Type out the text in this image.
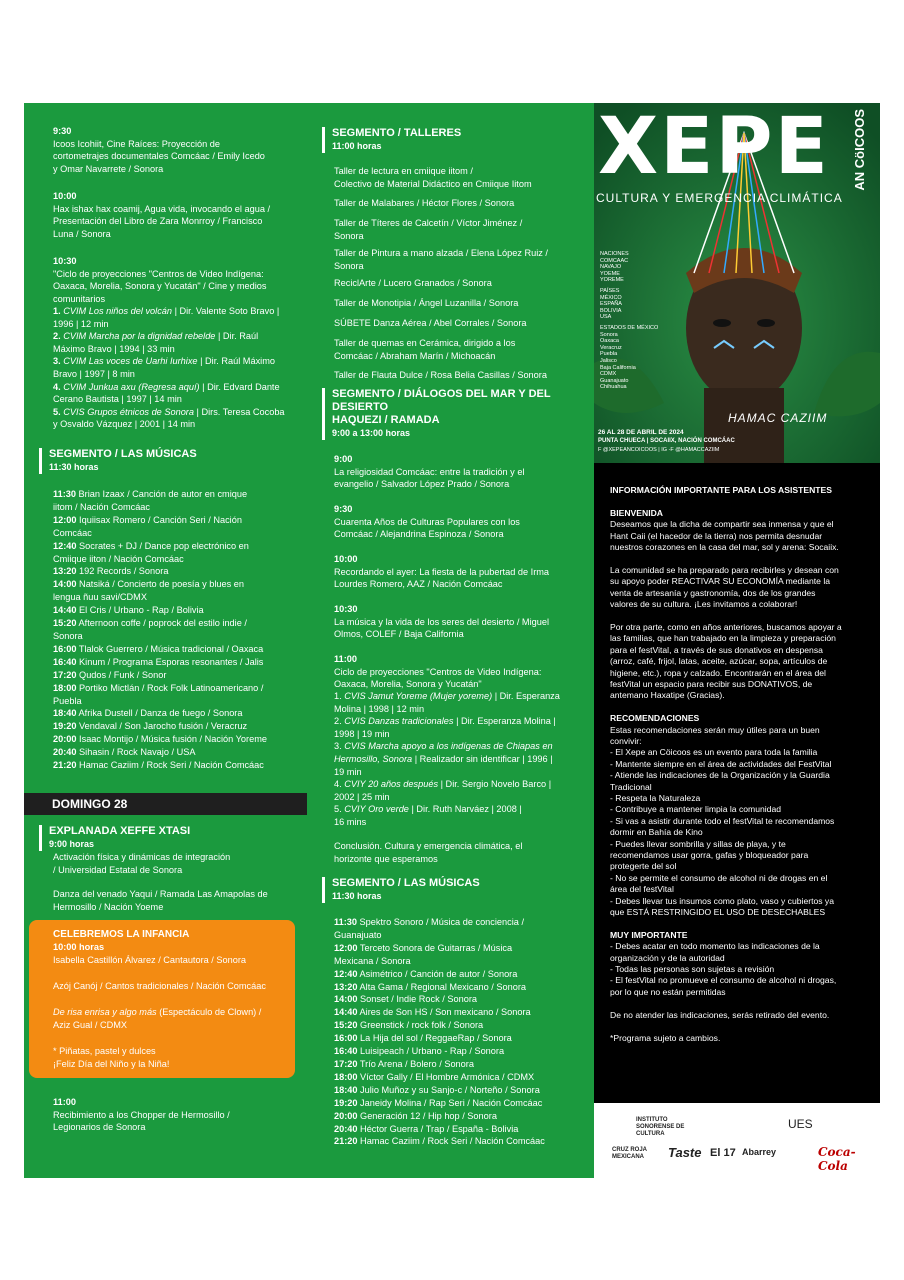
9:30
Icoos Icohiit, Cine Raíces: Proyección de
cortometrajes documentales Comcáac / Emily Icedo
y Omar Navarrete / Sonora

10:00
Hax ishax hax coamij, Agua vida, invocando el agua /
Presentación del Libro de Zara Monrroy / Francisco
Luna / Sonora

10:30
"Ciclo de proyecciones "Centros de Video Indígena:
Oaxaca, Morelia, Sonora y Yucatán" / Cine y medios
comunitarios

1. CVIM Los niños del volcán | Dir. Valente Soto Bravo |
1996 | 12 min
2. CVIM Marcha por la dignidad rebelde | Dir. Raúl
Máximo Bravo | 1994 | 33 min
3. CVIM Las voces de Uarhi Iurhixe | Dir. Raúl Máximo
Bravo | 1997 | 8 min
4. CVIM Junkua axu (Regresa aquí) | Dir. Edvard Dante
Cerano Bautista | 1997 | 14 min
5. CVIS Grupos étnicos de Sonora | Dirs. Teresa Cocoba
y Osvaldo Vázquez | 2001 | 14 min

SEGMENTO / LAS MÚSICAS
11:30 horas
11:30 Brian Izaax / Canción de autor en cmique
iitom / Nación Comcáac
12:00 Iquiisax Romero / Canción Seri / Nación
Comcáac
12:40 Socrates + DJ / Dance pop electrónico en
Cmiique iiton / Nación Comcáac
13:20 192 Records / Sonora
14:00 Natsiká / Concierto de poesía y blues en
lengua ñuu savi/CDMX
14:40 El Cris / Urbano - Rap / Bolivia
15:20 Afternoon coffe / poprock del estilo indie /
Sonora
16:00 Tlalok Guerrero / Música tradicional / Oaxaca
16:40 Kinum / Programa Esporas resonantes / Jalis
17:20 Qudos / Funk / Sonor
18:00 Portiko Mictlán / Rock Folk Latinoamericano /
Puebla
18:40 Afrika Dustell / Danza de fuego / Sonora
19:20 Vendaval / Son Jarocho fusión / Veracruz
20:00 Isaac Montijo / Música fusión / Nación Yoreme
20:40 Sihasin / Rock Navajo / USA
21:20 Hamac Caziim / Rock Seri / Nación Comcáac

EXPLANADA XEFFE XTASI
9:00 horas
Activación física y dinámicas de integración
/ Universidad Estatal de Sonora

Danza del venado Yaqui / Ramada Las Amapolas de
Hermosillo / Nación Yoeme

11:00
Recibimiento a los Chopper de Hermosillo /
Legionarios de Sonora

DOMINGO 28
CELEBREMOS LA INFANCIA
10:00 horas
Isabella Castillón Álvarez / Cantautora / Sonora
Azój Canój / Cantos tradicionales / Nación Comcáac
De risa enrisa y algo más (Espectáculo de Clown) /
Aziz Gual / CDMX
* Piñatas, pastel y dulces
¡Feliz Día del Niño y la Niña!
SEGMENTO / TALLERES
11:00 horas
Taller de lectura en cmiique iitom /
Colectivo de Material Didáctico en Cmiique Iitom

Taller de Malabares / Héctor Flores / Sonora

Taller de Títeres de Calcetín / Víctor Jiménez /
Sonora

Taller de Pintura a mano alzada / Elena López Ruiz /
Sonora

ReciclArte / Lucero Granados / Sonora

Taller de Monotipia / Ángel Luzanilla / Sonora

SÚBETE Danza Aérea / Abel Corrales / Sonora

Taller de quemas en Cerámica, dirigido a los
Comcáac / Abraham Marín / Michoacán

Taller de Flauta Dulce / Rosa Belia Casillas / Sonora

SEGMENTO / DIÁLOGOS DEL MAR Y DEL
DESIERTO
HAQUEZI / RAMADA
9:00 a 13:00 horas
9:00
La religiosidad Comcáac: entre la tradición y el
evangelio / Salvador López Prado / Sonora

9:30
Cuarenta Años de Culturas Populares con los
Comcáac / Alejandrina Espinoza / Sonora

10:00
Recordando el ayer: La fiesta de la pubertad de Irma
Lourdes Romero, AAZ / Nación Comcáac

10:30
La música y la vida de los seres del desierto / Miguel
Olmos, COLEF / Baja California

11:00
Ciclo de proyecciones "Centros de Video Indígena:
Oaxaca, Morelia, Sonora y Yucatán"

1. CVIS Jamut Yoreme (Mujer yoreme) | Dir. Esperanza
Molina | 1998 | 12 min
2. CVIS Danzas tradicionales | Dir. Esperanza Molina |
1998 | 19 min
3. CVIS Marcha apoyo a los indígenas de Chiapas en
Hermosillo, Sonora | Realizador sin identificar | 1996 |
19 min
4. CVIY 20 años después | Dir. Sergio Novelo Barco |
2002 | 25 min
5. CVIY Oro verde | Dir. Ruth Narváez | 2008 |
16 mins

Conclusión. Cultura y emergencia climática, el
horizonte que esperamos

SEGMENTO / LAS MÚSICAS
11:30 horas
11:30 Spektro Sonoro / Música de conciencia /
Guanajuato
12:00 Terceto Sonora de Guitarras / Música
Mexicana / Sonora
12:40 Asimétrico / Canción de autor / Sonora
13:20 Alta Gama / Regional Mexicano / Sonora
14:00 Sonset / Indie Rock / Sonora
14:40 Aires de Son HS / Son mexicano / Sonora
15:20 Greenstick / rock folk / Sonora
16:00 La Hija del sol / ReggaeRap / Sonora
16:40 Luisipeach / Urbano - Rap / Sonora
17:20 Trío Arena / Bolero / Sonora
18:00 Víctor Gally / El Hombre Armónica / CDMX
18:40 Julio Muñoz y su Sanjo-c / Norteño / Sonora
19:20 Janeidy Molina / Rap Seri / Nación Comcáac
20:00 Generación 12 / Hip hop / Sonora
20:40 Héctor Guerra / Trap / España - Bolivia
21:20 Hamac Caziim / Rock Seri / Nación Comcáac

XEPE AN CöICOOS
CULTURA Y EMERGENCIA CLIMÁTICA
NACIONES
COMCAAC
NAVAJO
YOEME
YOREME
PAÍSES
MÉXICO
ESPAÑA
BOLIVIA
USA
ESTADOS DE MÉXICO
Sonora
Oaxaca
Veracruz
Puebla
Jalisco
Baja California
CDMX
Guanajuato
Chihuahua
HAMAC CAZIIM
26 AL 28 DE ABRIL DE 2024
PUNTA CHUECA | SOCAIIX, NACIÓN COMCÁAC
F @XEPEANCOICOOS | IG -F @HAMACCAZIIM
INFORMACIÓN IMPORTANTE PARA LOS ASISTENTES

BIENVENIDA
Deseamos que la dicha de compartir sea inmensa y que el
Hant Caii (el hacedor de la tierra) nos permita desnudar
nuestros corazones en la casa del mar, sol y arena: Socaiix.

La comunidad se ha preparado para recibirles y desean con
su apoyo poder REACTIVAR SU ECONOMÍA mediante la
venta de artesanía y gastronomía, dos de los grandes
valores de su cultura. ¡Les invitamos a colaborar!

Por otra parte, como en años anteriores, buscamos apoyar a
las familias, que han trabajado en la limpieza y preparación
para el festVital, a través de sus donativos en despensa
(arroz, café, frijol, latas, aceite, azúcar, sopa, artículos de
higiene, etc.), ropa y calzado. Encontrarán en el área del
festVital un espacio para recibir sus DONATIVOS, de
antemano Haxatipe (Gracias).

RECOMENDACIONES
Estas recomendaciones serán muy útiles para un buen
convivir:
- El Xepe an Cöicoos es un evento para toda la familia
- Mantente siempre en el área de actividades del FestVital
- Atiende las indicaciones de la Organización y la Guardia
Tradicional
- Respeta la Naturaleza
- Contribuye a mantener limpia la comunidad
- Si vas a asistir durante todo el festVital te recomendamos
dormir en Bahía de Kino
- Puedes llevar sombrilla y sillas de playa, y te
recomendamos usar gorra, gafas y bloqueador para
protegerte del sol
- No se permite el consumo de alcohol ni de drogas en el
área del festVital
- Debes llevar tus insumos como plato, vaso y cubiertos ya
que ESTÁ RESTRINGIDO EL USO DE DESECHABLES

MUY IMPORTANTE
- Debes acatar en todo momento las indicaciones de la
organización y de la autoridad
- Todas las personas son sujetas a revisión
- El festVital no promueve el consumo de alcohol ni drogas,
por lo que no están permitidas

De no atender las indicaciones, serás retirado del evento.

*Programa sujeto a cambios.
INSTITUTO SONORENSE DE CULTURA
UES
CRUZ ROJA MEXICANA	Taste El 17 Abarrey	Coca-Cola
